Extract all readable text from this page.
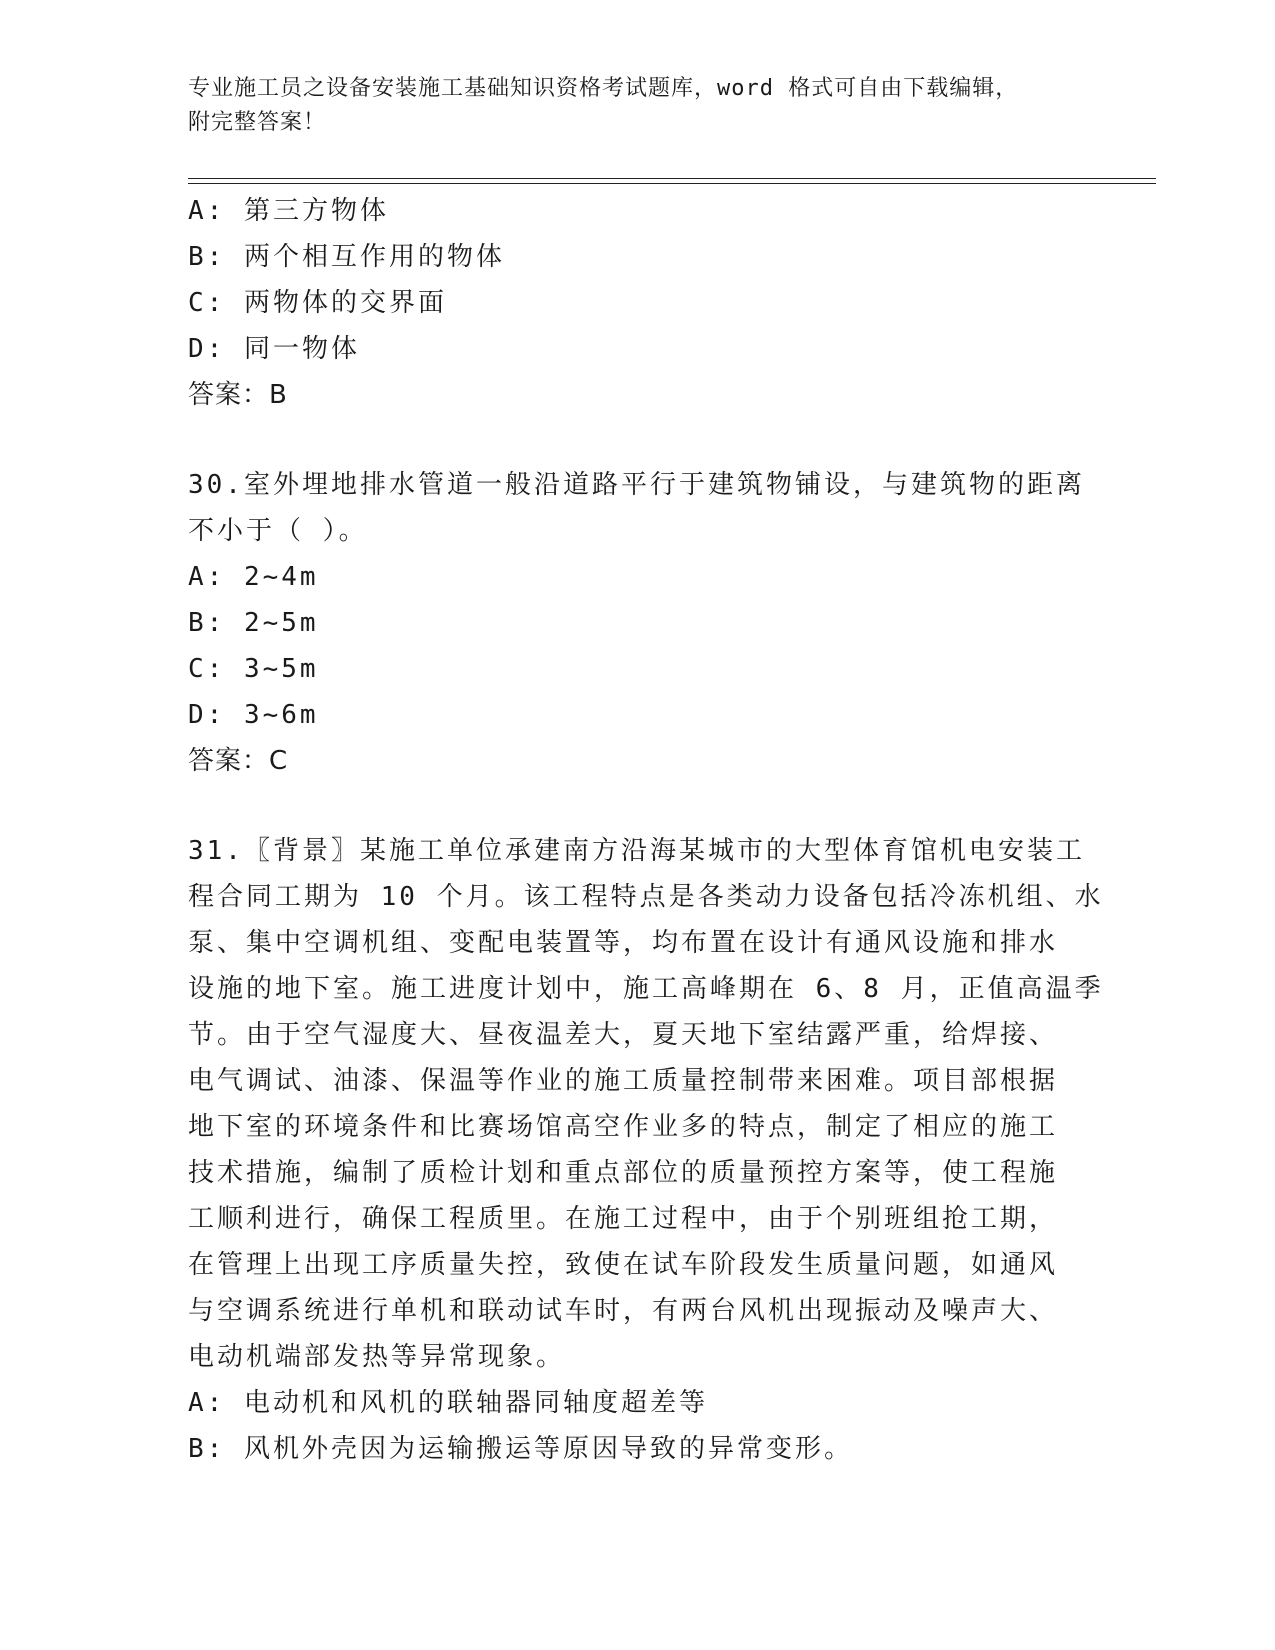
专业施工员之设备安装施工基础知识资格考试题库，word 格式可自由下载编辑，
附完整答案！
A: 第三方物体
B: 两个相互作用的物体
C: 两物体的交界面
D: 同一物体
答案：B
30.室外埋地排水管道一般沿道路平行于建筑物铺设，与建筑物的距离
不小于（ ）。
A: 2~4m
B: 2~5m
C: 3~5m
D: 3~6m
答案：C
31.〖背景〗某施工单位承建南方沿海某城市的大型体育馆机电安装工
程合同工期为 10 个月。该工程特点是各类动力设备包括冷冻机组、水
泵、集中空调机组、变配电装置等，均布置在设计有通风设施和排水
设施的地下室。施工进度计划中，施工高峰期在 6、8 月，正值高温季
节。由于空气湿度大、昼夜温差大，夏天地下室结露严重，给焊接、
电气调试、油漆、保温等作业的施工质量控制带来困难。项目部根据
地下室的环境条件和比赛场馆高空作业多的特点，制定了相应的施工
技术措施，编制了质检计划和重点部位的质量预控方案等，使工程施
工顺利进行，确保工程质里。在施工过程中，由于个别班组抢工期，
在管理上出现工序质量失控，致使在试车阶段发生质量问题，如通风
与空调系统进行单机和联动试车时，有两台风机出现振动及噪声大、
电动机端部发热等异常现象。
A: 电动机和风机的联轴器同轴度超差等
B: 风机外壳因为运输搬运等原因导致的异常变形。
